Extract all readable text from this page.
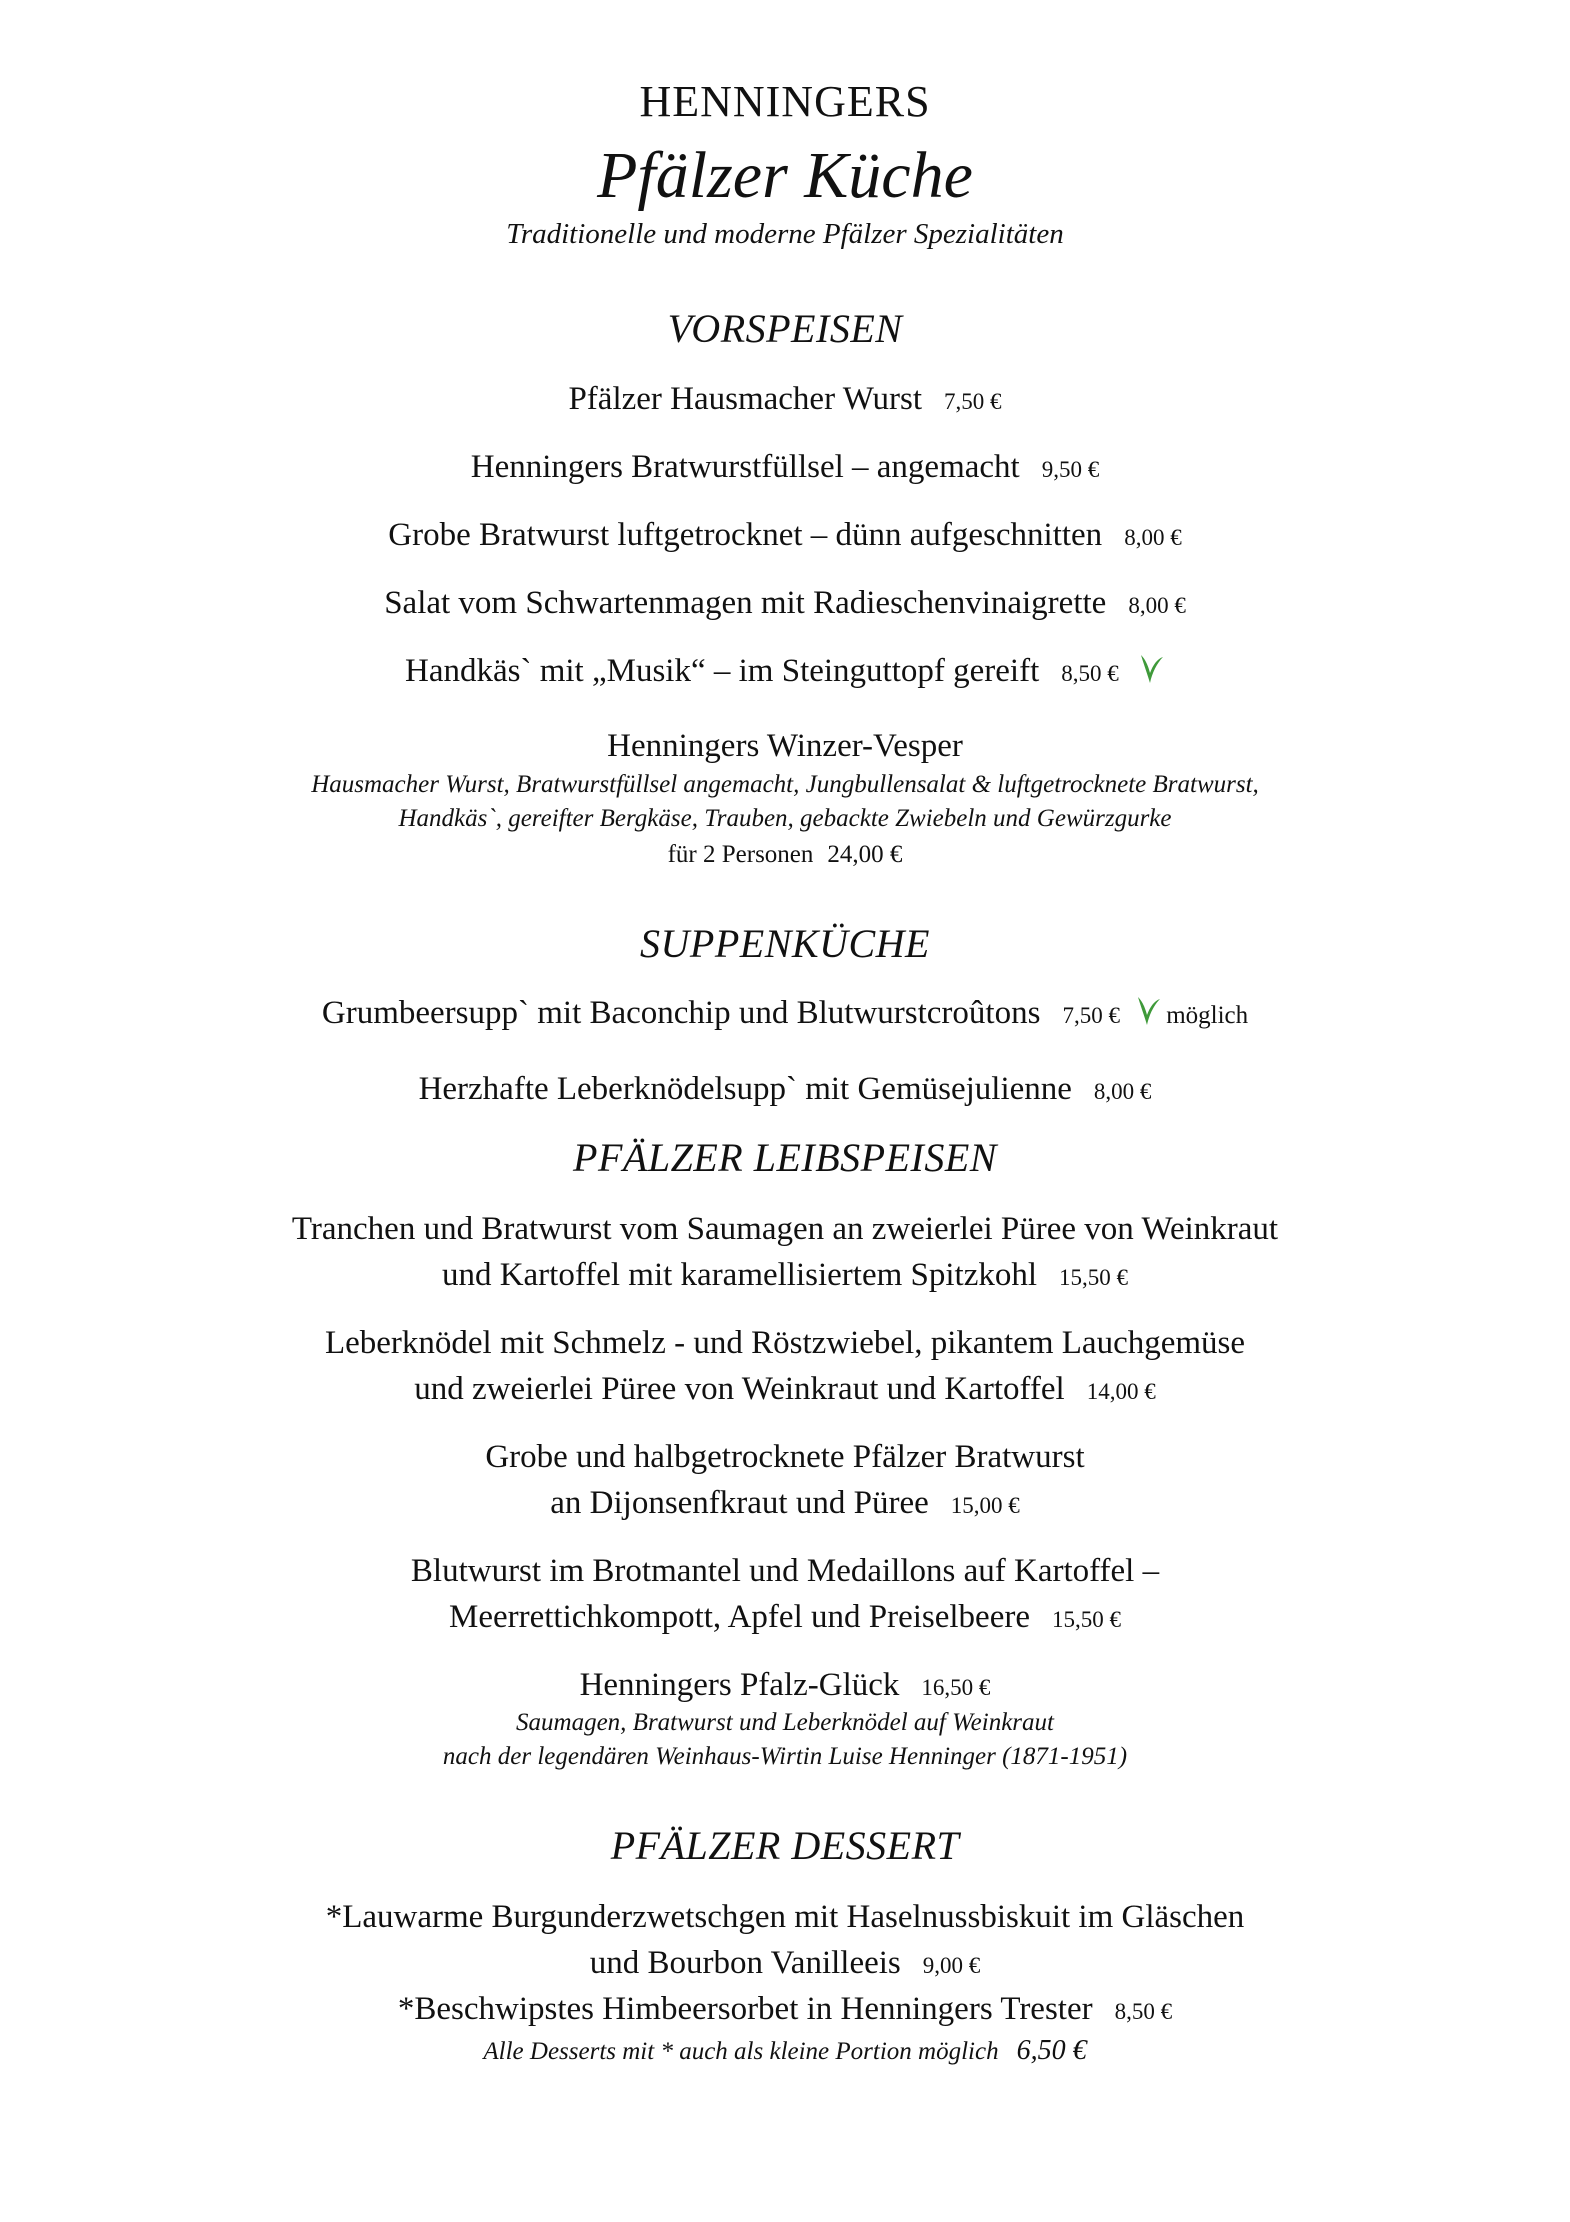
HENNINGERS
Pfälzer Küche
Traditionelle und moderne Pfälzer Spezialitäten
VORSPEISEN
Pfälzer Hausmacher Wurst 7,50 €
Henningers Bratwurstfüllsel – angemacht 9,50 €
Grobe Bratwurst luftgetrocknet – dünn aufgeschnitten 8,00 €
Salat vom Schwartenmagen mit Radieschenvinaigrette 8,00 €
Handkäs` mit „Musik“ – im Steinguttopf gereift 8,50 €
Henningers Winzer-Vesper
Hausmacher Wurst, Bratwurstfüllsel angemacht, Jungbullensalat & luftgetrocknete Bratwurst,
Handkäs`, gereifter Bergkäse, Trauben, gebackte Zwiebeln und Gewürzgurke
für 2 Personen 24,00 €
SUPPENKÜCHE
Grumbeersupp` mit Baconchip und Blutwurstcroûtons 7,50 € möglich
Herzhafte Leberknödelsupp` mit Gemüsejulienne 8,00 €
PFÄLZER LEIBSPEISEN
Tranchen und Bratwurst vom Saumagen an zweierlei Püree von Weinkraut
und Kartoffel mit karamellisiertem Spitzkohl 15,50 €
Leberknödel mit Schmelz - und Röstzwiebel, pikantem Lauchgemüse
und zweierlei Püree von Weinkraut und Kartoffel 14,00 €
Grobe und halbgetrocknete Pfälzer Bratwurst
an Dijonsenfkraut und Püree 15,00 €
Blutwurst im Brotmantel und Medaillons auf Kartoffel –
Meerrettichkompott, Apfel und Preiselbeere 15,50 €
Henningers Pfalz-Glück 16,50 €
Saumagen, Bratwurst und Leberknödel auf Weinkraut
nach der legendären Weinhaus-Wirtin Luise Henninger (1871-1951)
PFÄLZER DESSERT
*Lauwarme Burgunderzwetschgen mit Haselnussbiskuit im Gläschen
und Bourbon Vanilleeis 9,00 €
*Beschwipstes Himbeersorbet in Henningers Trester 8,50 €
Alle Desserts mit * auch als kleine Portion möglich 6,50 €
